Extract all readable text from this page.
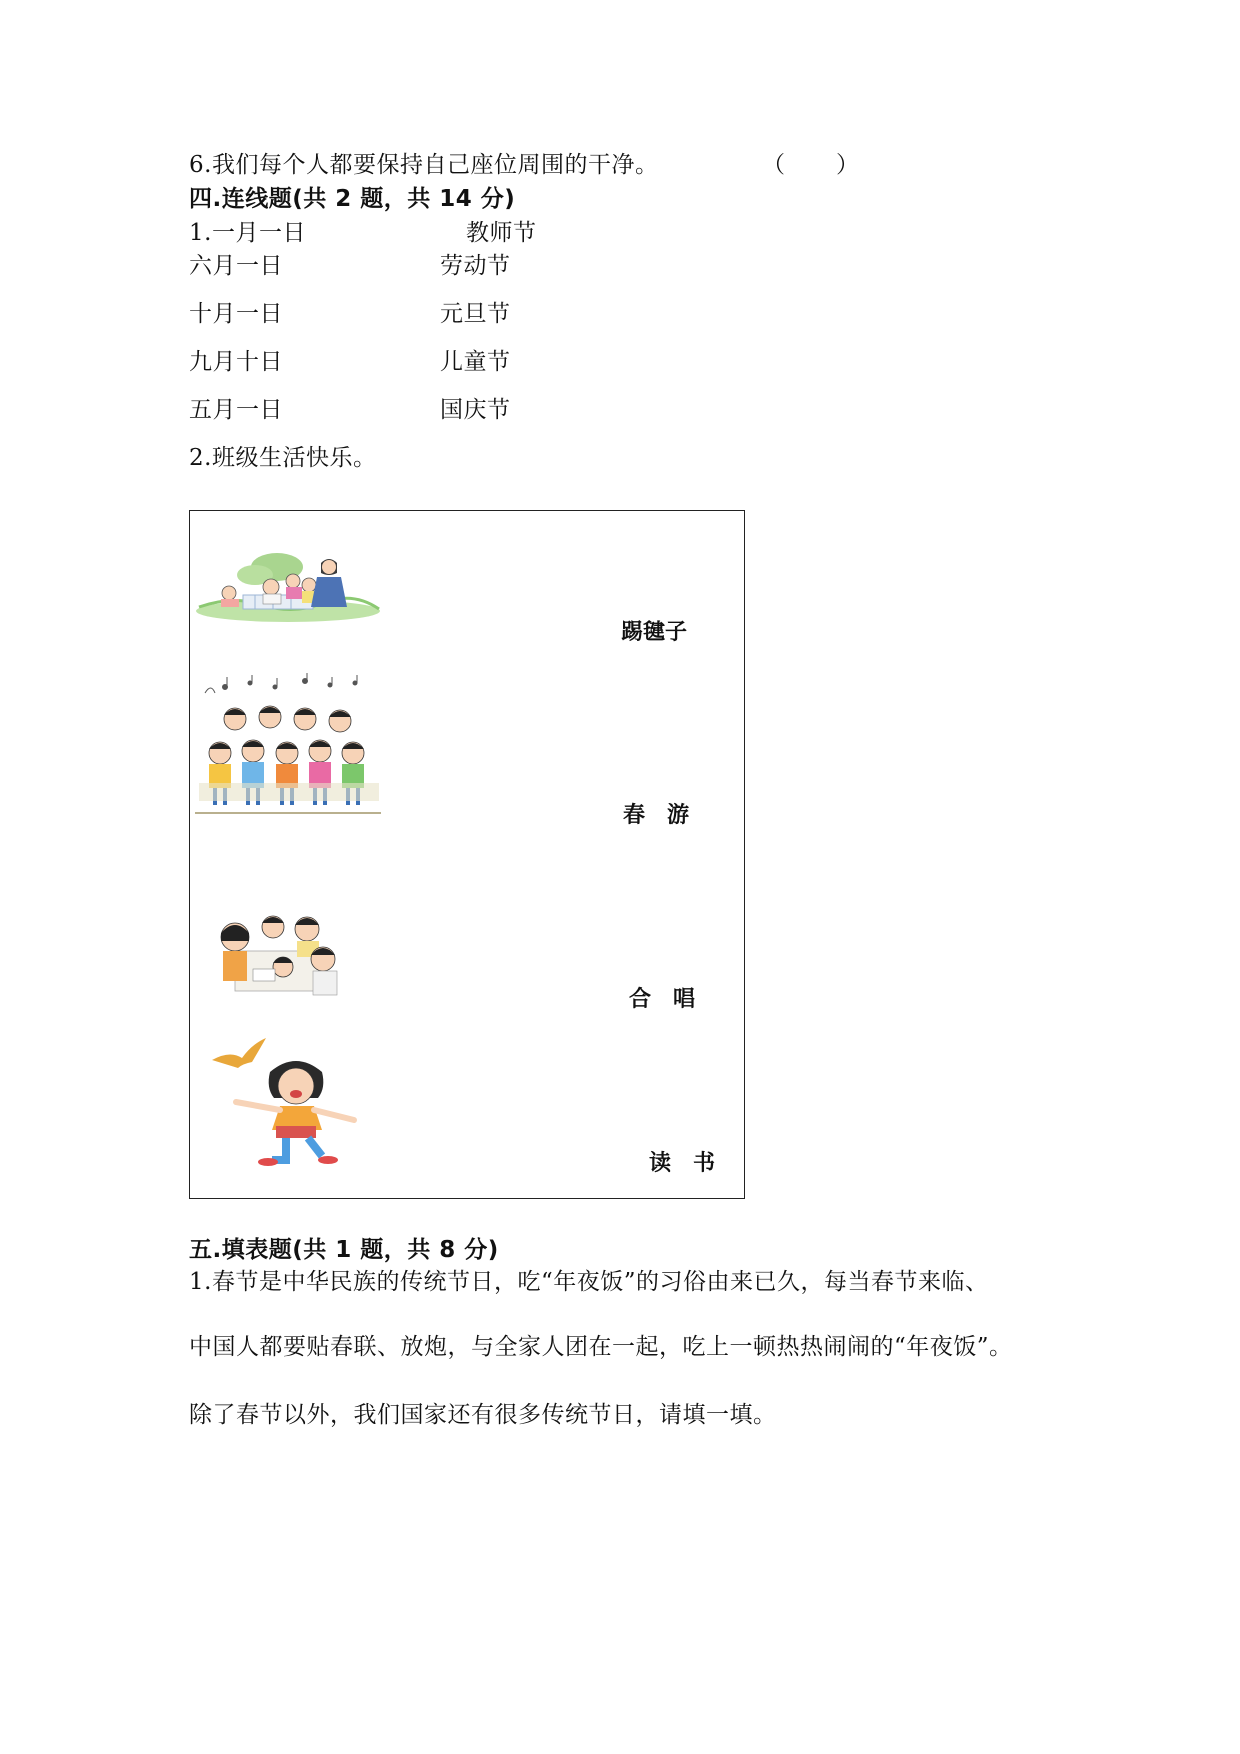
6.我们每个人都要保持自己座位周围的干净。	（ ）
四.连线题(共 2 题，共 14 分)
1.一月一日	教师节
六月一日	劳动节
十月一日	元旦节
九月十日	儿童节
五月一日	国庆节
2.班级生活快乐。
踢毽子
春　游
合　唱
读　书
五.填表题(共 1 题，共 8 分)
1.春节是中华民族的传统节日，吃“年夜饭”的习俗由来已久，每当春节来临、
中国人都要贴春联、放炮，与全家人团在一起，吃上一顿热热闹闹的“年夜饭”。
除了春节以外，我们国家还有很多传统节日，请填一填。
